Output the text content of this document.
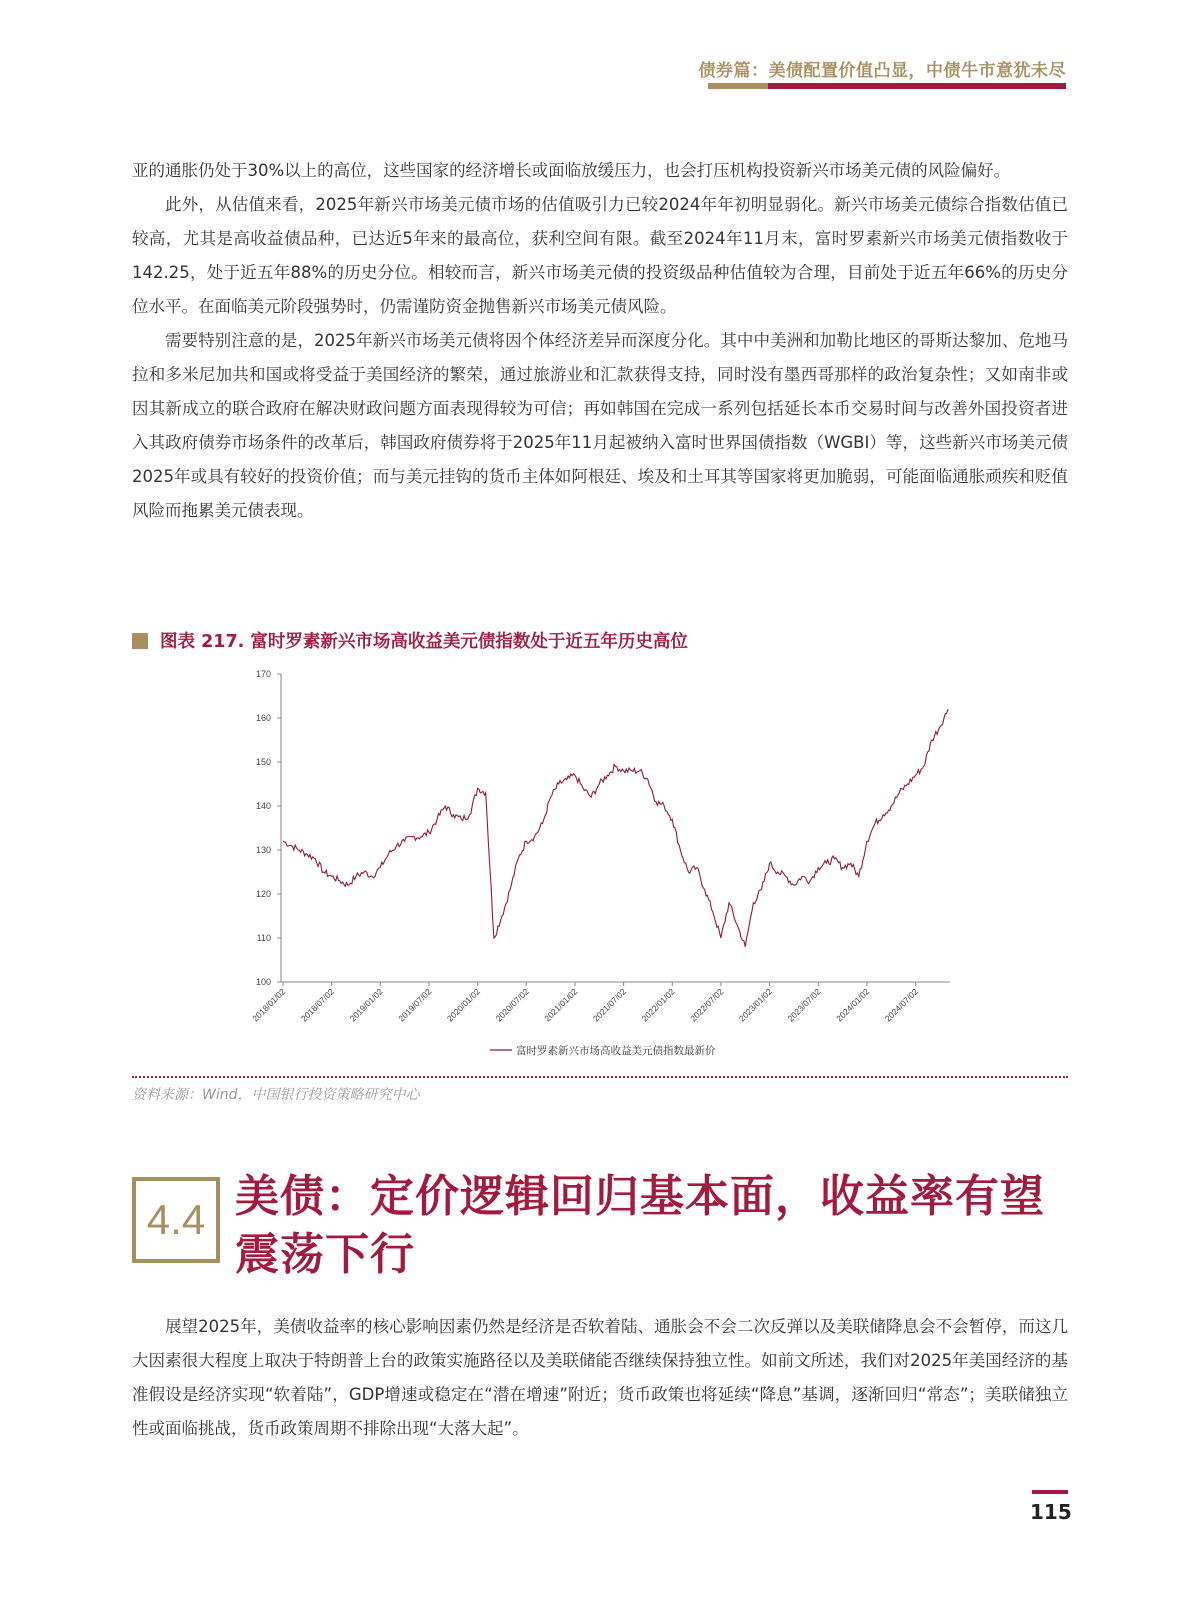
债券篇：美债配置价值凸显，中债牛市意犹未尽

亚的通胀仍处于30%以上的高位，这些国家的经济增长或面临放缓压力，也会打压机构投资新兴市场美元债的风险偏好。

此外，从估值来看，2025年新兴市场美元债市场的估值吸引力已较2024年年初明显弱化。新兴市场美元债综合指数估值已较高，尤其是高收益债品种，已达近5年来的最高位，获利空间有限。截至2024年11月末，富时罗素新兴市场美元债指数收于142.25，处于近五年88%的历史分位。相较而言，新兴市场美元债的投资级品种估值较为合理，目前处于近五年66%的历史分位水平。在面临美元阶段强势时，仍需谨防资金抛售新兴市场美元债风险。

需要特别注意的是，2025年新兴市场美元债将因个体经济差异而深度分化。其中中美洲和加勒比地区的哥斯达黎加、危地马拉和多米尼加共和国或将受益于美国经济的繁荣，通过旅游业和汇款获得支持，同时没有墨西哥那样的政治复杂性；又如南非或因其新成立的联合政府在解决财政问题方面表现得较为可信；再如韩国在完成一系列包括延长本币交易时间与改善外国投资者进入其政府债券市场条件的改革后，韩国政府债券将于2025年11月起被纳入富时世界国债指数（WGBI）等，这些新兴市场美元债2025年或具有较好的投资价值；而与美元挂钩的货币主体如阿根廷、埃及和土耳其等国家将更加脆弱，可能面临通胀顽疾和贬值风险而拖累美元债表现。

图表 217. 富时罗素新兴市场高收益美元债指数处于近五年历史高位
100
110
120
130
140
150
160
170
2018/01/02 2018/07/02 2019/01/02 2019/07/02 2020/01/02 2020/07/02 2021/01/02 2021/07/02 2022/01/02 2022/07/02 2023/01/02 2023/07/02 2024/01/02 2024/07/02
富时罗素新兴市场高收益美元债指数最新价
资料来源：Wind，中国银行投资策略研究中心
4.4 美债：定价逻辑回归基本面，收益率有望震荡下行

展望2025年，美债收益率的核心影响因素仍然是经济是否软着陆、通胀会不会二次反弹以及美联储降息会不会暂停，而这几大因素很大程度上取决于特朗普上台的政策实施路径以及美联储能否继续保持独立性。如前文所述，我们对2025年美国经济的基准假设是经济实现“软着陆”，GDP增速或稳定在“潜在增速”附近；货币政策也将延续“降息”基调，逐渐回归“常态”；美联储独立性或面临挑战，货币政策周期不排除出现“大落大起”。

115
